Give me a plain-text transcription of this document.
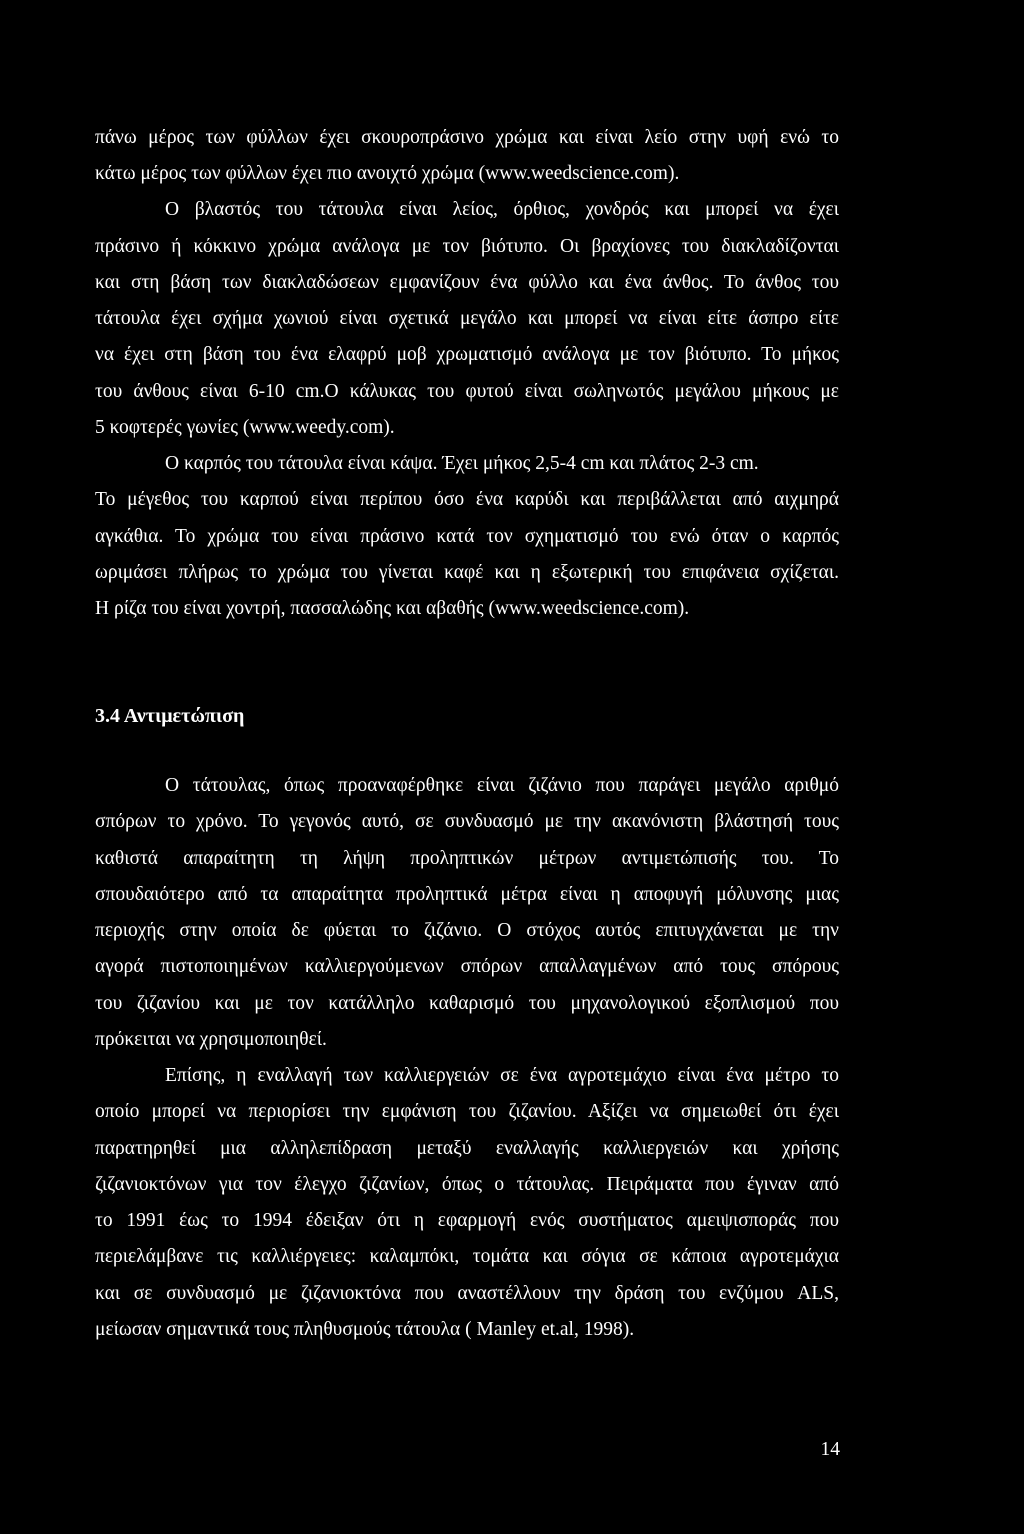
πάνω μέρος των φύλλων έχει σκουροπράσινο χρώμα και είναι λείο στην υφή ενώ το
κάτω μέρος των φύλλων έχει πιο ανοιχτό χρώμα (www.weedscience.com).
Ο βλαστός του τάτουλα είναι λείος, όρθιος, χονδρός και μπορεί να έχει
πράσινο ή κόκκινο χρώμα ανάλογα με τον βιότυπο. Οι βραχίονες του διακλαδίζονται
και στη βάση των διακλαδώσεων εμφανίζουν ένα φύλλο και ένα άνθος. Το άνθος του
τάτουλα έχει σχήμα χωνιού είναι σχετικά μεγάλο και μπορεί να είναι είτε άσπρο είτε
να έχει στη βάση του ένα ελαφρύ μοβ χρωματισμό ανάλογα με τον βιότυπο. Το μήκος
του άνθους είναι 6-10 cm.Ο κάλυκας του φυτού είναι σωληνωτός μεγάλου μήκους με
5 κοφτερές γωνίες (www.weedy.com).
Ο καρπός του τάτουλα είναι κάψα. Έχει μήκος 2,5-4 cm και πλάτος 2-3 cm.
Το μέγεθος του καρπού είναι περίπου όσο ένα καρύδι και περιβάλλεται από αιχμηρά
αγκάθια. Το χρώμα του είναι πράσινο κατά τον σχηματισμό του ενώ όταν ο καρπός
ωριμάσει πλήρως το χρώμα του γίνεται καφέ και η εξωτερική του επιφάνεια σχίζεται.
Η ρίζα του είναι χοντρή, πασσαλώδης και αβαθής (www.weedscience.com).
3.4 Αντιμετώπιση
Ο τάτουλας, όπως προαναφέρθηκε είναι ζιζάνιο που παράγει μεγάλο αριθμό
σπόρων το χρόνο. Το γεγονός αυτό, σε συνδυασμό με την ακανόνιστη βλάστησή τους
καθιστά απαραίτητη τη λήψη προληπτικών μέτρων αντιμετώπισής του. Το
σπουδαιότερο από τα απαραίτητα προληπτικά μέτρα είναι η αποφυγή μόλυνσης μιας
περιοχής στην οποία δε φύεται το ζιζάνιο. Ο στόχος αυτός επιτυγχάνεται με την
αγορά πιστοποιημένων καλλιεργούμενων σπόρων απαλλαγμένων από τους σπόρους
του ζιζανίου και με τον κατάλληλο καθαρισμό του μηχανολογικού εξοπλισμού που
πρόκειται να χρησιμοποιηθεί.
Επίσης, η εναλλαγή των καλλιεργειών σε ένα αγροτεμάχιο είναι ένα μέτρο το
οποίο μπορεί να περιορίσει την εμφάνιση του ζιζανίου. Αξίζει να σημειωθεί ότι έχει
παρατηρηθεί μια αλληλεπίδραση μεταξύ εναλλαγής καλλιεργειών και χρήσης
ζιζανιοκτόνων για τον έλεγχο ζιζανίων, όπως ο τάτουλας. Πειράματα που έγιναν από
το 1991 έως το 1994 έδειξαν ότι η εφαρμογή ενός συστήματος αμειψισποράς που
περιελάμβανε τις καλλιέργειες: καλαμπόκι, τομάτα και σόγια σε κάποια αγροτεμάχια
και σε συνδυασμό με ζιζανιοκτόνα που αναστέλλουν την δράση του ενζύμου ALS,
μείωσαν σημαντικά τους πληθυσμούς τάτουλα ( Manley et.al, 1998).
14
